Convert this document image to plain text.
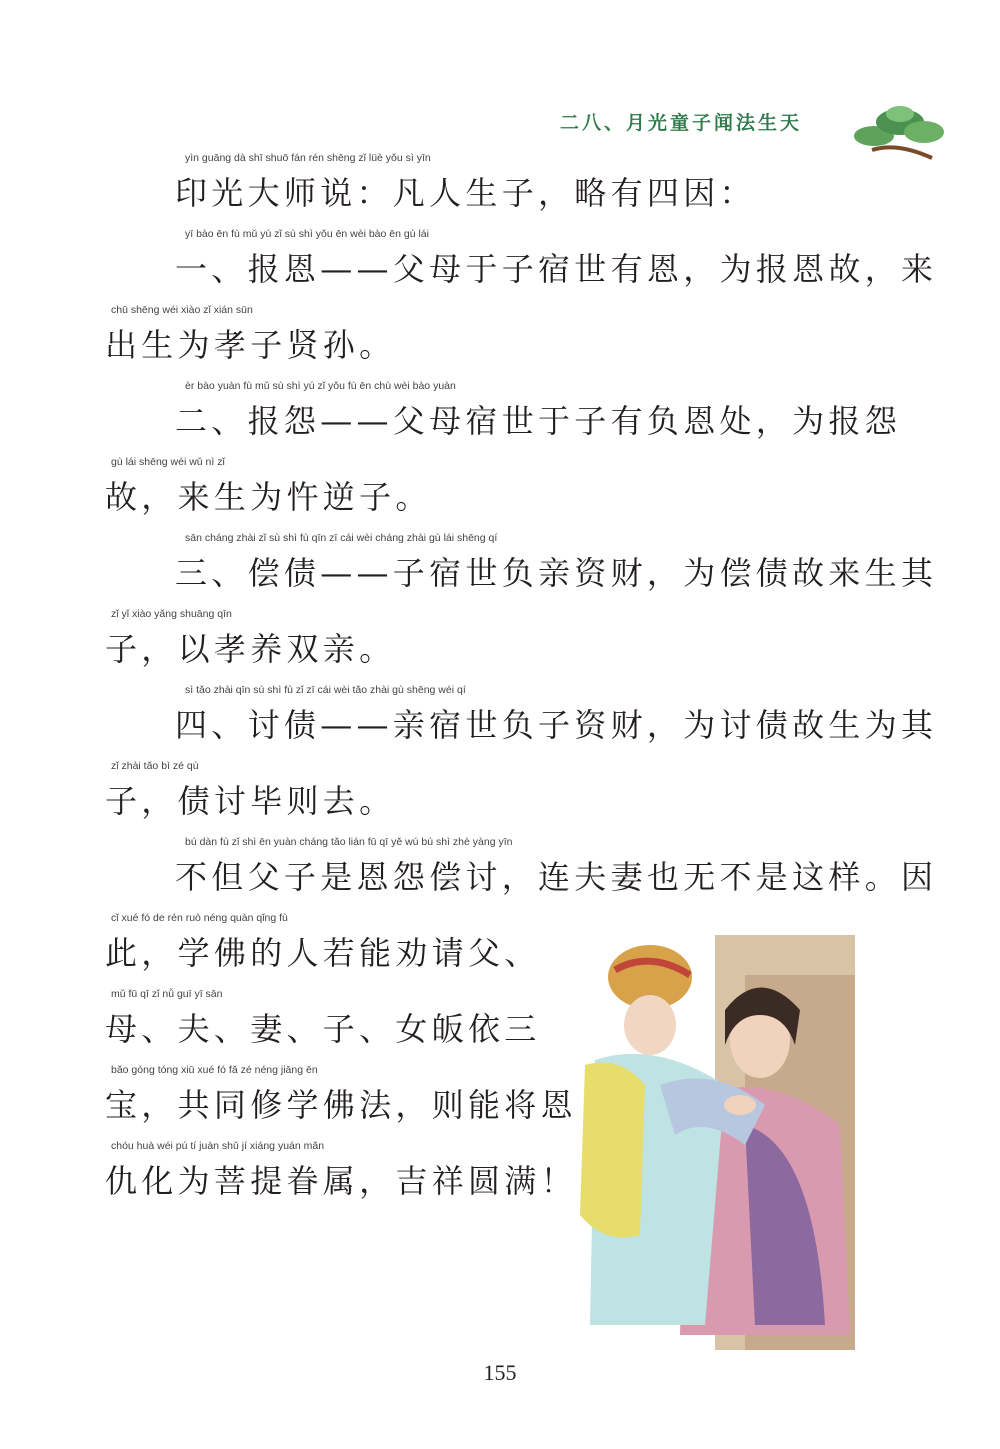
二八、月光童子闻法生天
yìn guāng dà shī shuō fán rén shēng zǐ lüè yǒu sì yīn
印光大师说：凡人生子，略有四因：
yī bào ēn fù mǔ yú zǐ sù shì yǒu ēn wèi bào ēn gù lái
一、报恩——父母于子宿世有恩，为报恩故，来
chū shēng wéi xiào zǐ xián sūn
出生为孝子贤孙。
èr bào yuàn fù mǔ sù shì yú zǐ yǒu fù ēn chù wèi bào yuàn
二、报怨——父母宿世于子有负恩处，为报怨
gù lái shēng wéi wǔ nì zǐ
故，来生为忤逆子。
sān cháng zhài zǐ sù shì fù qīn zī cái wèi cháng zhài gù lái shēng qí
三、偿债——子宿世负亲资财，为偿债故来生其
zǐ yǐ xiào yǎng shuāng qīn
子，以孝养双亲。
sì tǎo zhài qīn sù shì fù zǐ zī cái wèi tǎo zhài gù shēng wéi qí
四、讨债——亲宿世负子资财，为讨债故生为其
zǐ zhài tǎo bì zé qù
子，债讨毕则去。
bú dàn fù zǐ shì ēn yuàn cháng tǎo lián fū qī yě wú bú shì zhè yàng yīn
不但父子是恩怨偿讨，连夫妻也无不是这样。因
cǐ xué fó de rén ruò néng quàn qǐng fù
此，学佛的人若能劝请父、
mǔ fū qī zǐ nǚ guī yī sān
母、夫、妻、子、女皈依三
bǎo gòng tóng xiū xué fó fǎ zé néng jiāng ēn
宝，共同修学佛法，则能将恩
chóu huà wéi pú tí juàn shǔ jí xiáng yuán mǎn
仇化为菩提眷属，吉祥圆满！
155
